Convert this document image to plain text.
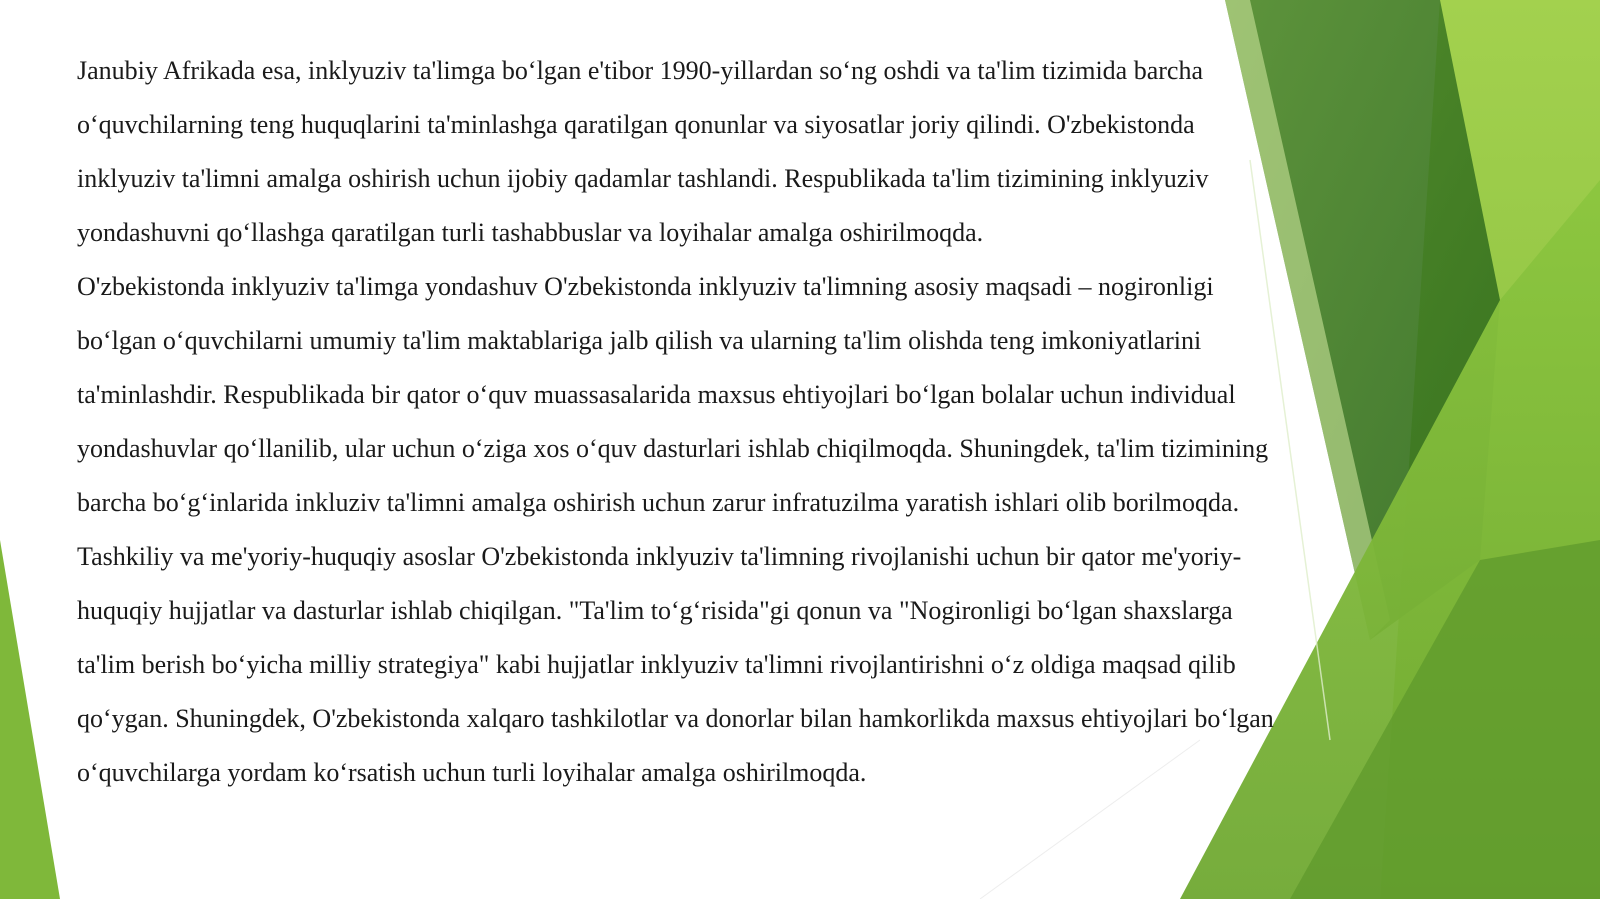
Janubiy Afrikada esa, inklyuziv ta'limga bo‘lgan e'tibor 1990-yillardan so‘ng oshdi va ta'lim tizimida barcha
o‘quvchilarning teng huquqlarini ta'minlashga qaratilgan qonunlar va siyosatlar joriy qilindi. O'zbekistonda
inklyuziv ta'limni amalga oshirish uchun ijobiy qadamlar tashlandi. Respublikada ta'lim tizimining inklyuziv
yondashuvni qo‘llashga qaratilgan turli tashabbuslar va loyihalar amalga oshirilmoqda.
O'zbekistonda inklyuziv ta'limga yondashuv O'zbekistonda inklyuziv ta'limning asosiy maqsadi – nogironligi
bo‘lgan o‘quvchilarni umumiy ta'lim maktablariga jalb qilish va ularning ta'lim olishda teng imkoniyatlarini
ta'minlashdir. Respublikada bir qator o‘quv muassasalarida maxsus ehtiyojlari bo‘lgan bolalar uchun individual
yondashuvlar qo‘llanilib, ular uchun o‘ziga xos o‘quv dasturlari ishlab chiqilmoqda. Shuningdek, ta'lim tizimining
barcha bo‘g‘inlarida inkluziv ta'limni amalga oshirish uchun zarur infratuzilma yaratish ishlari olib borilmoqda.
Tashkiliy va me'yoriy-huquqiy asoslar O'zbekistonda inklyuziv ta'limning rivojlanishi uchun bir qator me'yoriy-
huquqiy hujjatlar va dasturlar ishlab chiqilgan. "Ta'lim to‘g‘risida"gi qonun va "Nogironligi bo‘lgan shaxslarga
ta'lim berish bo‘yicha milliy strategiya" kabi hujjatlar inklyuziv ta'limni rivojlantirishni o‘z oldiga maqsad qilib
qo‘ygan. Shuningdek, O'zbekistonda xalqaro tashkilotlar va donorlar bilan hamkorlikda maxsus ehtiyojlari bo‘lgan
o‘quvchilarga yordam ko‘rsatish uchun turli loyihalar amalga oshirilmoqda.
